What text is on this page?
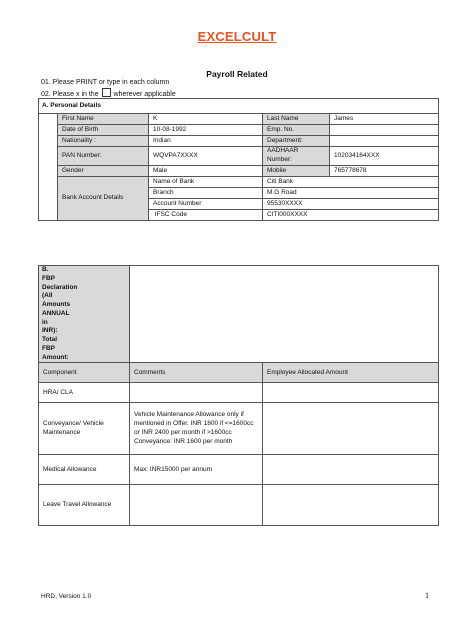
EXCELCULT
Payroll Related
01. Please PRINT or type in each column
02. Please x in the wherever applicable
A. Personal Details				
	First Name	K	Last Name	James
	Date of Birth	10-08-1992	Emp. No.	
	Nationality :	Indian	Department:	
	PAN Number:	WQVPA7XXXX	AADHAAR Number:	102034164XXX
	Gender	Male	Mobile	765778678
	Bank Account Details	Name of Bank	Citi Bank	
		Branch	M.G Road	
		Account Number	95530XXXX	
		IFSC Code	CITI000XXXX	
B. FBP Declaration (All Amounts ANNUAL in INR): Total FBP Amount:		
Component	Comments	Employee Allocated Amount
HRA/ CLA		
Conveyance/ Vehicle Maintenance	Vehicle Maintenance Allowance only if mentioned in Offer. INR 1800 if <=1600cc or INR 2400 per month if >1600cc Conveyance: INR 1600 per month	
Medical Allowance	Max: INR15000 per annum	
Leave Travel Allowance		
HRD, Version 1.0	1
